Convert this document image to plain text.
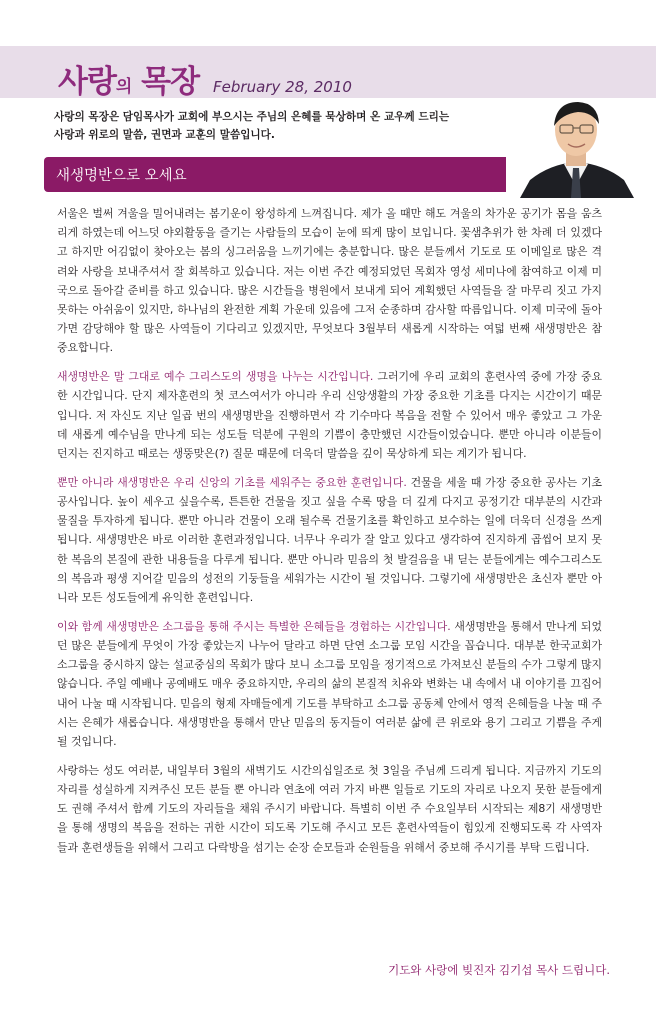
사랑의 목장 February 28, 2010
사랑의 목장은 담임목사가 교회에 부으시는 주님의 은혜를 묵상하며 온 교우께 드리는
사랑과 위로의 말씀, 권면과 교훈의 말씀입니다.
새생명반으로 오세요

서울은 벌써 겨울을 밀어내려는 봄기운이 왕성하게 느껴집니다. 제가 올 때만 해도 겨울의 차가운 공기가 몸을 움츠리게 하였는데 어느덧 야외활동을 즐기는 사람들의 모습이 눈에 띄게 많이 보입니다. 꽃샘추위가 한 차례 더 있겠다고 하지만 어김없이 찾아오는 봄의 싱그러움을 느끼기에는 충분합니다. 많은 분들께서 기도로 또 이메일로 많은 격려와 사랑을 보내주셔서 잘 회복하고 있습니다. 저는 이번 주간 예정되었던 목회자 영성 세미나에 참여하고 이제 미국으로 돌아갈 준비를 하고 있습니다. 많은 시간들을 병원에서 보내게 되어 계획했던 사역들을 잘 마무리 짓고 가지 못하는 아쉬움이 있지만, 하나님의 완전한 계획 가운데 있음에 그저 순종하며 감사할 따름입니다. 이제 미국에 돌아가면 감당해야 할 많은 사역들이 기다리고 있겠지만, 무엇보다 3월부터 새롭게 시작하는 여덟 번째 새생명반은 참 중요합니다.

새생명반은 말 그대로 예수 그리스도의 생명을 나누는 시간입니다. 그러기에 우리 교회의 훈련사역 중에 가장 중요한 시간입니다. 단지 제자훈련의 첫 코스여서가 아니라 우리 신앙생활의 가장 중요한 기초를 다지는 시간이기 때문입니다. 저 자신도 지난 일곱 번의 새생명반을 진행하면서 각 기수마다 복음을 전할 수 있어서 매우 좋았고 그 가운데 새롭게 예수님을 만나게 되는 성도들 덕분에 구원의 기쁨이 충만했던 시간들이었습니다. 뿐만 아니라 이분들이 던지는 진지하고 때로는 생뚱맞은(?) 질문 때문에 더욱더 말씀을 깊이 묵상하게 되는 계기가 됩니다.

뿐만 아니라 새생명반은 우리 신앙의 기초를 세워주는 중요한 훈련입니다. 건물을 세울 때 가장 중요한 공사는 기초공사입니다. 높이 세우고 싶을수록, 튼튼한 건물을 짓고 싶을 수록 땅을 더 깊게 다지고 공정기간 대부분의 시간과 물질을 투자하게 됩니다. 뿐만 아니라 건물이 오래 될수록 건물기초를 확인하고 보수하는 일에 더욱더 신경을 쓰게 됩니다. 새생명반은 바로 이러한 훈련과정입니다. 너무나 우리가 잘 알고 있다고 생각하여 진지하게 곱씹어 보지 못한 복음의 본질에 관한 내용들을 다루게 됩니다. 뿐만 아니라 믿음의 첫 발걸음을 내 딛는 분들에게는 예수그리스도의 복음과 평생 지어갈 믿음의 성전의 기둥들을 세워가는 시간이 될 것입니다. 그렇기에 새생명반은 초신자 뿐만 아니라 모든 성도들에게 유익한 훈련입니다.

이와 함께 새생명반은 소그룹을 통해 주시는 특별한 은혜들을 경험하는 시간입니다. 새생명반을 통해서 만나게 되었던 많은 분들에게 무엇이 가장 좋았는지 나누어 달라고 하면 단연 소그룹 모임 시간을 꼽습니다. 대부분 한국교회가 소그룹을 중시하지 않는 설교중심의 목회가 많다 보니 소그룹 모임을 정기적으로 가져보신 분들의 수가 그렇게 많지 않습니다. 주일 예배나 공예배도 매우 중요하지만, 우리의 삶의 본질적 치유와 변화는 내 속에서 내 이야기를 끄집어 내어 나눌 때 시작됩니다. 믿음의 형제 자매들에게 기도를 부탁하고 소그룹 공동체 안에서 영적 은혜들을 나눌 때 주시는 은혜가 새롭습니다. 새생명반을 통해서 만난 믿음의 동지들이 여러분 삶에 큰 위로와 용기 그리고 기쁨을 주게 될 것입니다.

사랑하는 성도 여러분, 내일부터 3월의 새벽기도 시간의십일조로 첫 3일을 주님께 드리게 됩니다. 지금까지 기도의 자리를 성실하게 지켜주신 모든 분들 뿐 아니라 연초에 여러 가지 바쁜 일들로 기도의 자리로 나오지 못한 분들에게도 권해 주셔서 함께 기도의 자리들을 채워 주시기 바랍니다. 특별히 이번 주 수요일부터 시작되는 제8기 새생명반을 통해 생명의 복음을 전하는 귀한 시간이 되도록 기도해 주시고 모든 훈련사역들이 힘있게 진행되도록 각 사역자들과 훈련생들을 위해서 그리고 다락방을 섬기는 순장 순모들과 순원들을 위해서 중보해 주시기를 부탁 드립니다.

기도와 사랑에 빚진자 김기섭 목사 드립니다.
